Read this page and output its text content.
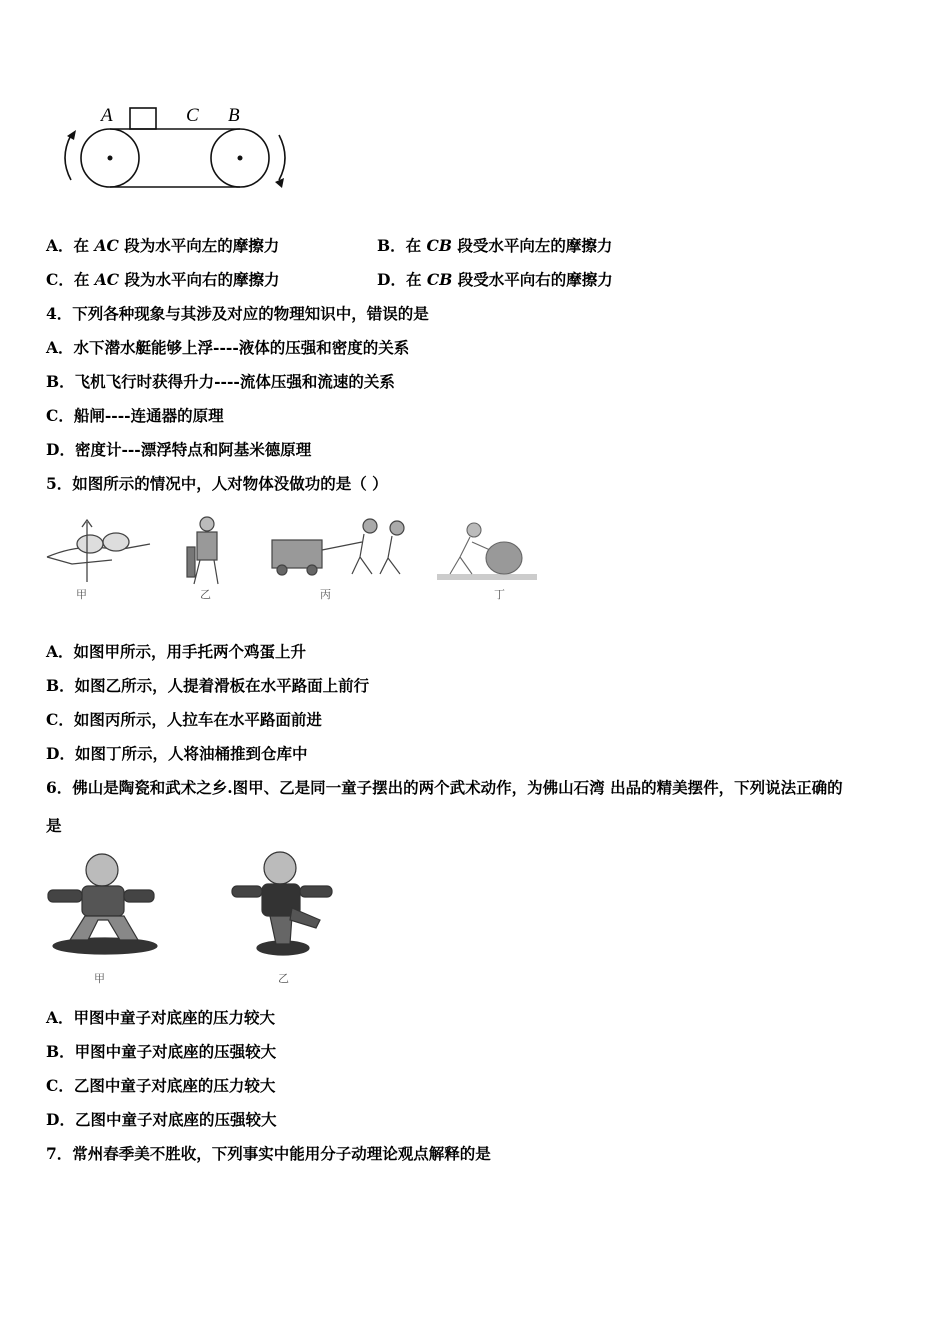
A	C B
A．在 AC 段为水平向左的摩擦力	B．在 CB 段受水平向左的摩擦力
C．在 AC 段为水平向右的摩擦力	D．在 CB 段受水平向右的摩擦力
4．下列各种现象与其涉及对应的物理知识中，错误的是
A．水下潜水艇能够上浮----液体的压强和密度的关系
B．飞机飞行时获得升力----流体压强和流速的关系
C．船闸----连通器的原理
D．密度计---漂浮特点和阿基米德原理
5．如图所示的情况中，人对物体没做功的是（ ）
甲	乙	丙	丁
A．如图甲所示，用手托两个鸡蛋上升
B．如图乙所示，人提着滑板在水平路面上前行
C．如图丙所示，人拉车在水平路面前进
D．如图丁所示，人将油桶推到仓库中
6．佛山是陶瓷和武术之乡.图甲、乙是同一童子摆出的两个武术动作，为佛山石湾 出品的精美摆件，下列说法正确的
是
甲	乙
A．甲图中童子对底座的压力较大
B．甲图中童子对底座的压强较大
C．乙图中童子对底座的压力较大
D．乙图中童子对底座的压强较大
7．常州春季美不胜收，下列事实中能用分子动理论观点解释的是
